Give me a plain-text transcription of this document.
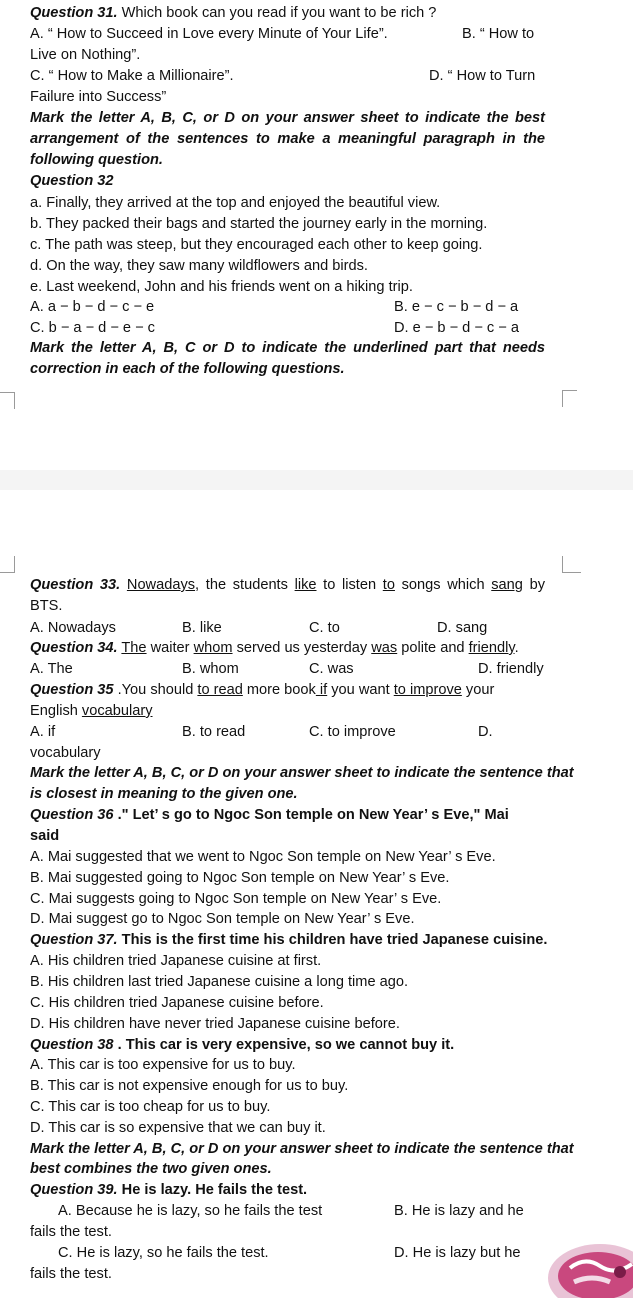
Question 31. Which book can you read if you want to be rich ?
A. “ How to Succeed in Love every Minute of Your Life”.	B. “ How to
Live on Nothing”.
C. “ How to Make a Millionaire”.	D. “ How to Turn
Failure into Success”
Mark the letter A, B, C, or D on your answer sheet to indicate the best
arrangement of the sentences to make a meaningful paragraph in the
following question.
Question 32
a. Finally, they arrived at the top and enjoyed the beautiful view.
b. They packed their bags and started the journey early in the morning.
c. The path was steep, but they encouraged each other to keep going.
d. On the way, they saw many wildflowers and birds.
e. Last weekend, John and his friends went on a hiking trip.
A. a − b − d − c − e	B. e − c − b − d − a
C. b − a − d − e − c	D. e − b − d − c − a
Mark the letter A, B, C or D to indicate the underlined part that needs
correction in each of the following questions.
Question 33. Nowadays, the students like to listen to songs which sang by
BTS.
A. Nowadays	B. like	C. to	D. sang
Question 34. The waiter whom served us yesterday was polite and friendly.
A. The	B. whom	C. was	D. friendly
Question 35 .You should to read more book if you want to improve your
English vocabulary
A. if	B. to read	C. to improve	D.
vocabulary
Mark the letter A, B, C, or D on your answer sheet to indicate the sentence that
is closest in meaning to the given one.
Question 36 ." Let’ s go to Ngoc Son temple on New Year’ s Eve," Mai
said
A. Mai suggested that we went to Ngoc Son temple on New Year’ s Eve.
B. Mai suggested going to Ngoc Son temple on New Year’ s Eve.
C. Mai suggests going to Ngoc Son temple on New Year’ s Eve.
D. Mai suggest go to Ngoc Son temple on New Year’ s Eve.
Question 37. This is the first time his children have tried Japanese cuisine.
A. His children tried Japanese cuisine at first.
B. His children last tried Japanese cuisine a long time ago.
C. His children tried Japanese cuisine before.
D. His children have never tried Japanese cuisine before.
Question 38 . This car is very expensive, so we cannot buy it.
A. This car is too expensive for us to buy.
B. This car is not expensive enough for us to buy.
C. This car is too cheap for us to buy.
D. This car is so expensive that we can buy it.
Mark the letter A, B, C, or D on your answer sheet to indicate the sentence that
best combines the two given ones.
Question 39. He is lazy. He fails the test.
A. Because he is lazy, so he fails the test	B. He is lazy and he
fails the test.
C. He is lazy, so he fails the test.	D. He is lazy but he
fails the test.
